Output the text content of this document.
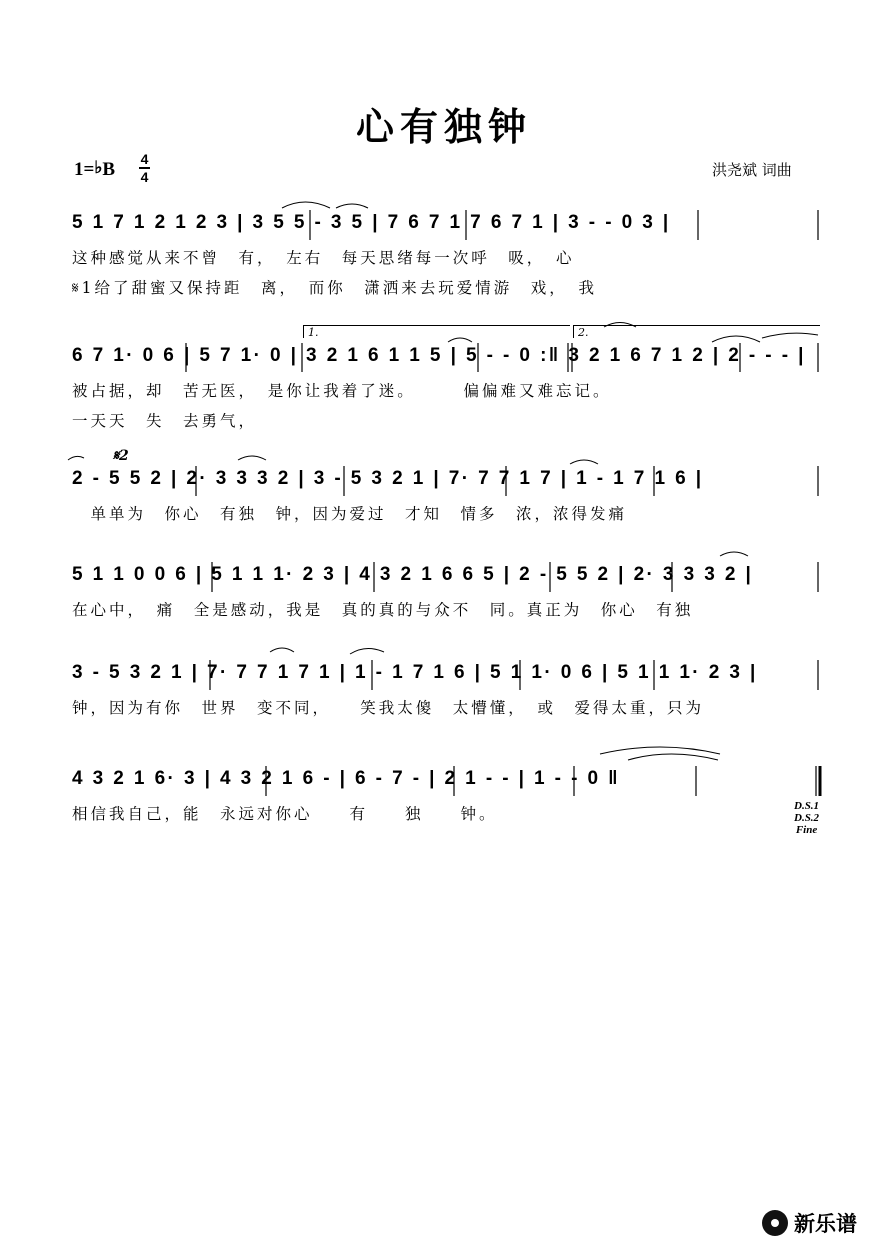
心有独钟
1=♭B 4
4	洪尧斌 词曲
5 1 7 1 2 1 2 3 | 3 5 5 - 3 5 | 7 6 7 1 7 6 7 1 | 3 - - 0 3 |
这种感觉从来不曾　有，　左右　每天思绪每一次呼　吸，　心
𝄋1给了甜蜜又保持距　离，　而你　潇洒来去玩爱情游　戏，　我
1.	2.
6 7 1· 0 6 | 5 7 1· 0 | 3 2 1 6 1 1 5 | 5 - - 0 :‖ 3 2 1 6 7 1 2 | 2 - - - |
被占据，却　苦无医，　是你让我着了迷。　　　偏偏难又难忘记。
一天天　失　去勇气，
𝄋2
2 - 5 5 2 | 2· 3 3 3 2 | 3 - 5 3 2 1 | 7· 7 7 1 7 | 1 - 1 7 1 6 |
　单单为　你心　有独　钟，因为爱过　才知　情多　浓，浓得发痛
5 1 1 0 0 6 | 5 1 1 1· 2 3 | 4 3 2 1 6 6 5 | 2 - 5 5 2 | 2· 3 3 3 2 |
在心中，　痛　全是感动，我是　真的真的与众不　同。真正为　你心　有独
3 - 5 3 2 1 | 7· 7 7 1 7 1 | 1 - 1 7 1 6 | 5 1 1· 0 6 | 5 1 1 1· 2 3 |
钟，因为有你　世界　变不同，　　笑我太傻　太懵懂，　或　爱得太重，只为
4 3 2 1 6· 3 | 4 3 2 1 6 - | 6 - 7 - | 2 1 - - | 1 - - 0 ‖
相信我自己，能　永远对你心　　有　　独　　钟。	D.S.1
D.S.2
Fine
新乐谱
